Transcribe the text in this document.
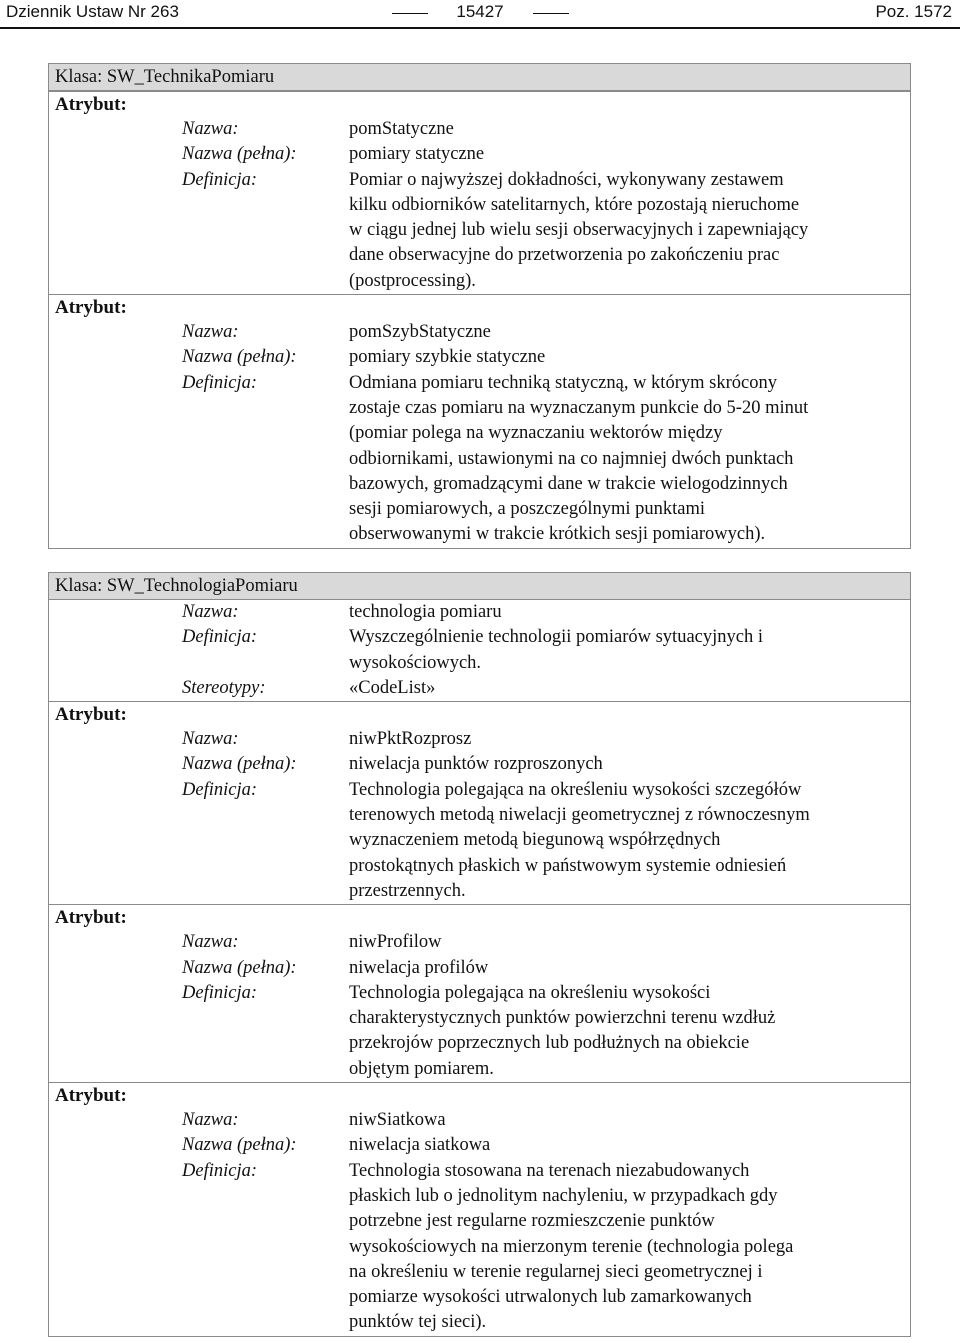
Dziennik Ustaw Nr 263	15427	Poz. 1572
Klasa: SW_TechnikaPomiaru
Atrybut:
Nazwa:	pomStatyczne
Nazwa (pełna):	pomiary statyczne
Definicja:	Pomiar o najwyższej dokładności, wykonywany zestawem
kilku odbiorników satelitarnych, które pozostają nieruchome
w ciągu jednej lub wielu sesji obserwacyjnych i zapewniający
dane obserwacyjne do przetworzenia po zakończeniu prac
(postprocessing).
Atrybut:
Nazwa:	pomSzybStatyczne
Nazwa (pełna):	pomiary szybkie statyczne
Definicja:	Odmiana pomiaru techniką statyczną, w którym skrócony
zostaje czas pomiaru na wyznaczanym punkcie do 5-20 minut
(pomiar polega na wyznaczaniu wektorów między
odbiornikami, ustawionymi na co najmniej dwóch punktach
bazowych, gromadzącymi dane w trakcie wielogodzinnych
sesji pomiarowych, a poszczególnymi punktami
obserwowanymi w trakcie krótkich sesji pomiarowych).
Klasa: SW_TechnologiaPomiaru
Nazwa:	technologia pomiaru
Definicja:	Wyszczególnienie technologii pomiarów sytuacyjnych i
wysokościowych.
Stereotypy:	«CodeList»
Atrybut:
Nazwa:	niwPktRozprosz
Nazwa (pełna):	niwelacja punktów rozproszonych
Definicja:	Technologia polegająca na określeniu wysokości szczegółów
terenowych metodą niwelacji geometrycznej z równoczesnym
wyznaczeniem metodą biegunową współrzędnych
prostokątnych płaskich w państwowym systemie odniesień
przestrzennych.
Atrybut:
Nazwa:	niwProfilow
Nazwa (pełna):	niwelacja profilów
Definicja:	Technologia polegająca na określeniu wysokości
charakterystycznych punktów powierzchni terenu wzdłuż
przekrojów poprzecznych lub podłużnych na obiekcie
objętym pomiarem.
Atrybut:
Nazwa:	niwSiatkowa
Nazwa (pełna):	niwelacja siatkowa
Definicja:	Technologia stosowana na terenach niezabudowanych
płaskich lub o jednolitym nachyleniu, w przypadkach gdy
potrzebne jest regularne rozmieszczenie punktów
wysokościowych na mierzonym terenie (technologia polega
na określeniu w terenie regularnej sieci geometrycznej i
pomiarze wysokości utrwalonych lub zamarkowanych
punktów tej sieci).
